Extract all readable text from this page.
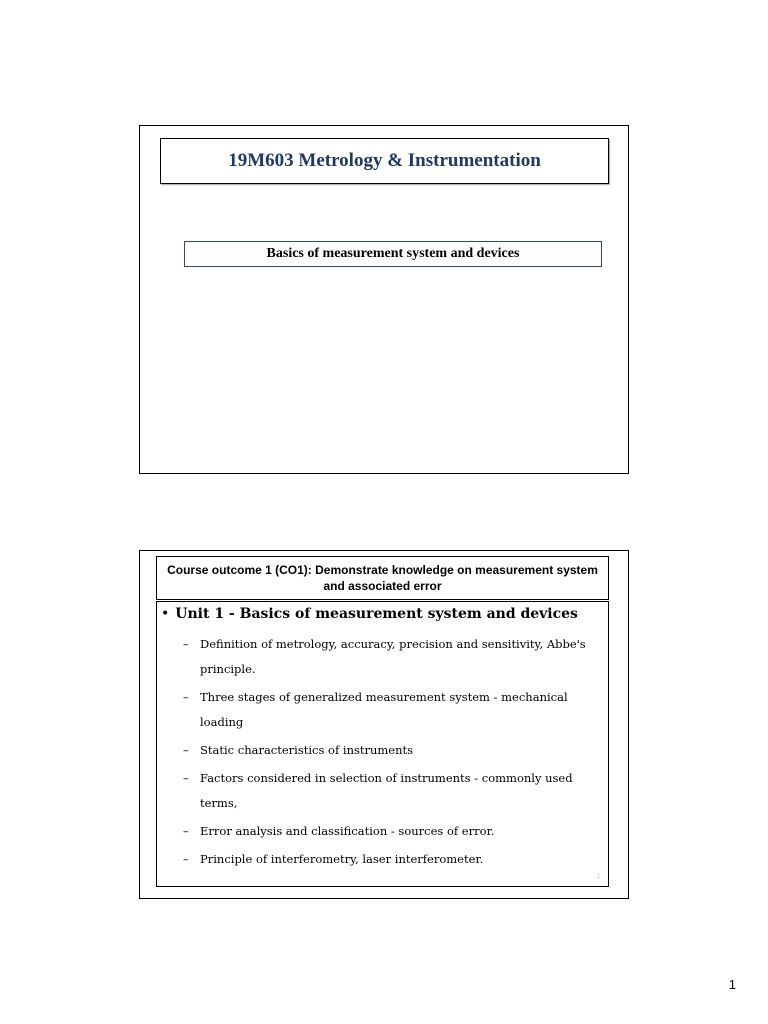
19M603 Metrology & Instrumentation
Basics of measurement system and devices
Course outcome 1 (CO1): Demonstrate knowledge on measurement system and associated error
• Unit 1 - Basics of measurement system and devices
– Definition of metrology, accuracy, precision and sensitivity, Abbe's principle.
– Three stages of generalized measurement system - mechanical loading
– Static characteristics of instruments
– Factors considered in selection of instruments - commonly used terms,
– Error analysis and classification - sources of error.
– Principle of interferometry, laser interferometer.
2
1
